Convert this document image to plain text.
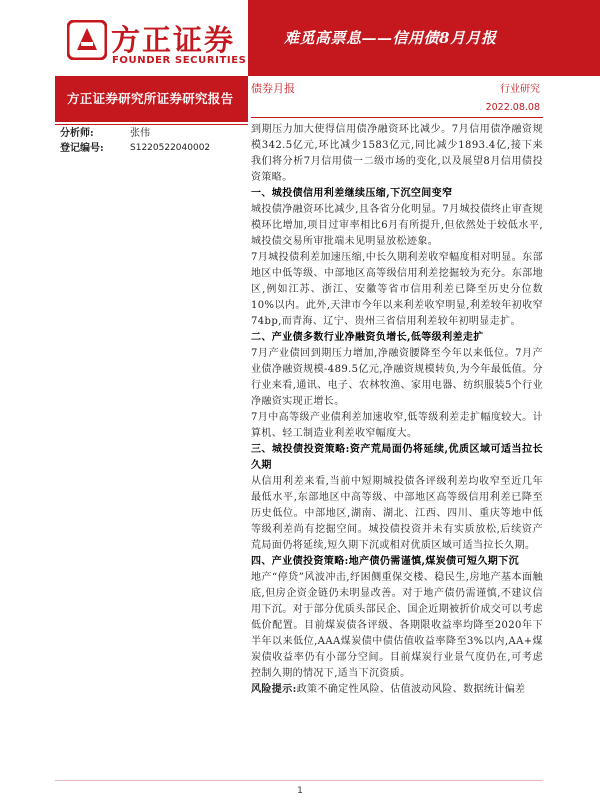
方正证券
FOUNDER SECURITIES
难觅高票息——信用债8月月报
方正证券研究所证券研究报告
分析师:	张伟
登记编号:	S1220522040002
债券月报	行业研究
2022.08.08

到期压力加大使得信用债净融资环比减少。7月信用债净融资规模342.5亿元,环比减少1583亿元,同比减少1893.4亿,接下来我们将分析7月信用债一二级市场的变化,以及展望8月信用债投资策略。

一、城投债信用利差继续压缩,下沉空间变窄

城投债净融资环比减少,且各省分化明显。7月城投债终止审查规模环比增加,项目过审率相比6月有所提升,但依然处于较低水平,城投债交易所审批端未见明显放松迹象。

7月城投债利差加速压缩,中长久期利差收窄幅度相对明显。东部地区中低等级、中部地区高等级信用利差挖掘较为充分。东部地区,例如江苏、浙江、安徽等省市信用利差已降至历史分位数10%以内。此外,天津市今年以来利差收窄明显,利差较年初收窄74bp,而青海、辽宁、贵州三省信用利差较年初明显走扩。

二、产业债多数行业净融资负增长,低等级利差走扩

7月产业债回到期压力增加,净融资腰降至今年以来低位。7月产业债净融资规模-489.5亿元,净融资规模转负,为今年最低值。分行业来看,通讯、电子、农林牧渔、家用电器、纺织服装5个行业净融资实现正增长。

7月中高等级产业债利差加速收窄,低等级利差走扩幅度较大。计算机、轻工制造业利差收窄幅度大。

三、城投债投资策略:资产荒局面仍将延续,优质区域可适当拉长久期

从信用利差来看,当前中短期城投债各评级利差均收窄至近几年最低水平,东部地区中高等级、中部地区高等级信用利差已降至历史低位。中部地区,湖南、湖北、江西、四川、重庆等地中低等级利差尚有挖掘空间。城投债投资并未有实质放松,后续资产荒局面仍将延续,短久期下沉或相对优质区域可适当拉长久期。

四、产业债投资策略:地产债仍需谨慎,煤炭债可短久期下沉

地产“停贷”风波冲击,纾困侧重保交楼、稳民生,房地产基本面触底,但房企资金链仍未明显改善。对于地产债仍需谨慎,不建议信用下沉。对于部分优质头部民企、国企近期被折价成交可以考虑低价配置。目前煤炭债各评级、各期限收益率均降至2020年下半年以来低位,AAA煤炭债中债估值收益率降至3%以内,AA+煤炭债收益率仍有小部分空间。目前煤炭行业景气度仍在,可考虑控制久期的情况下,适当下沉资质。

风险提示:政策不确定性风险、估值波动风险、数据统计偏差

1
